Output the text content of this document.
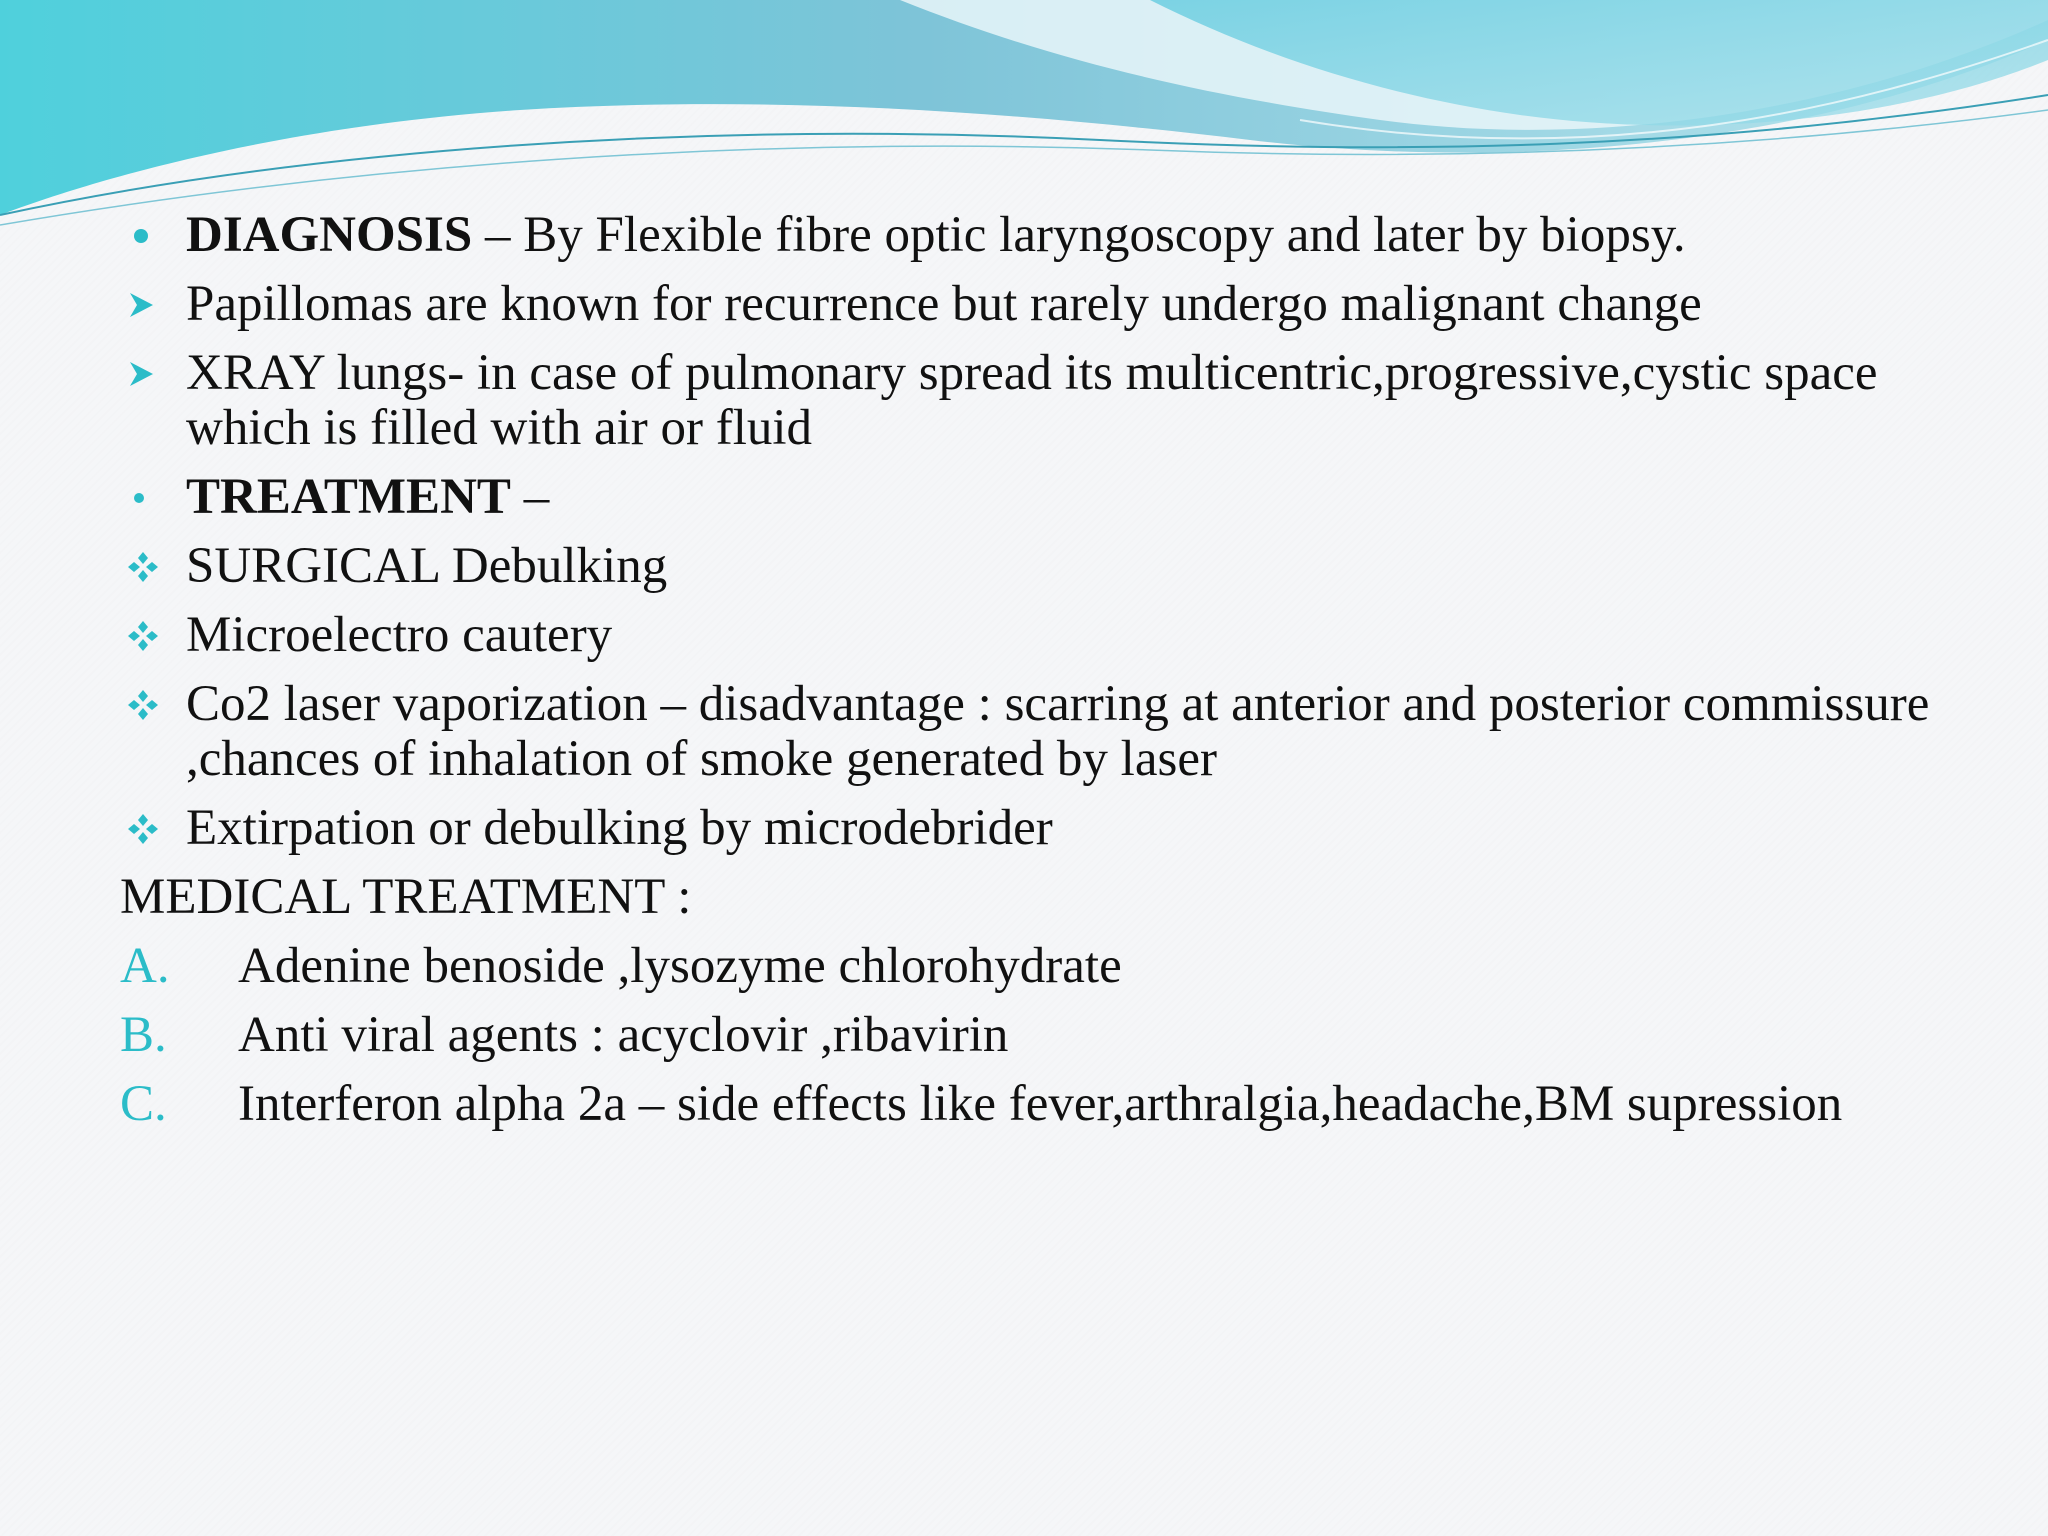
DIAGNOSIS – By Flexible fibre optic laryngoscopy and later by biopsy.
Papillomas are known for recurrence but rarely undergo malignant change
XRAY lungs- in case of pulmonary spread its multicentric,progressive,cystic space which is filled with air or fluid
TREATMENT –
SURGICAL Debulking
Microelectro cautery
Co2 laser vaporization – disadvantage : scarring at anterior and posterior commissure ,chances of inhalation of smoke generated by laser
Extirpation or debulking by microdebrider
MEDICAL TREATMENT :
A. Adenine benoside ,lysozyme chlorohydrate
B. Anti viral agents : acyclovir ,ribavirin
C. Interferon alpha 2a – side effects like fever,arthralgia,headache,BM supression
